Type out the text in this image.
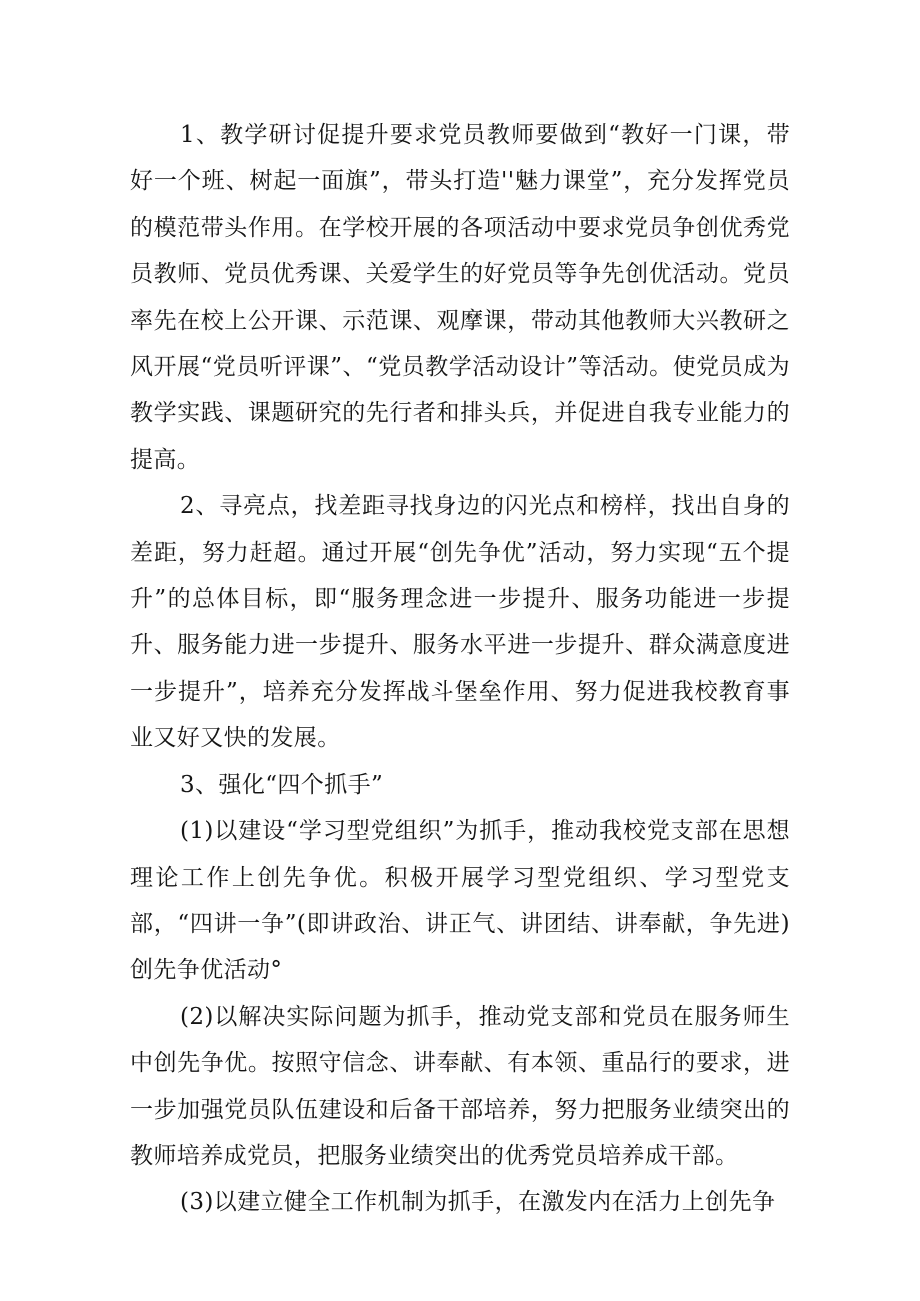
1、教学研讨促提升要求党员教师要做到“教好一门课，带好一个班、树起一面旗”，带头打造''魅力课堂”，充分发挥党员的模范带头作用。在学校开展的各项活动中要求党员争创优秀党员教师、党员优秀课、关爱学生的好党员等争先创优活动。党员率先在校上公开课、示范课、观摩课，带动其他教师大兴教研之风开展“党员听评课”、“党员教学活动设计”等活动。使党员成为教学实践、课题研究的先行者和排头兵，并促进自我专业能力的提高。

2、寻亮点，找差距寻找身边的闪光点和榜样，找出自身的差距，努力赶超。通过开展“创先争优”活动，努力实现“五个提升”的总体目标，即“服务理念进一步提升、服务功能进一步提升、服务能力进一步提升、服务水平进一步提升、群众满意度进一步提升”，培养充分发挥战斗堡垒作用、努力促进我校教育事业又好又快的发展。

3、强化“四个抓手”

(1)以建设“学习型党组织”为抓手，推动我校党支部在思想理论工作上创先争优。积极开展学习型党组织、学习型党支部，“四讲一争”(即讲政治、讲正气、讲团结、讲奉献，争先进)创先争优活动°

(2)以解决实际问题为抓手，推动党支部和党员在服务师生中创先争优。按照守信念、讲奉献、有本领、重品行的要求，进一步加强党员队伍建设和后备干部培养，努力把服务业绩突出的教师培养成党员，把服务业绩突出的优秀党员培养成干部。

(3)以建立健全工作机制为抓手，在激发内在活力上创先争
